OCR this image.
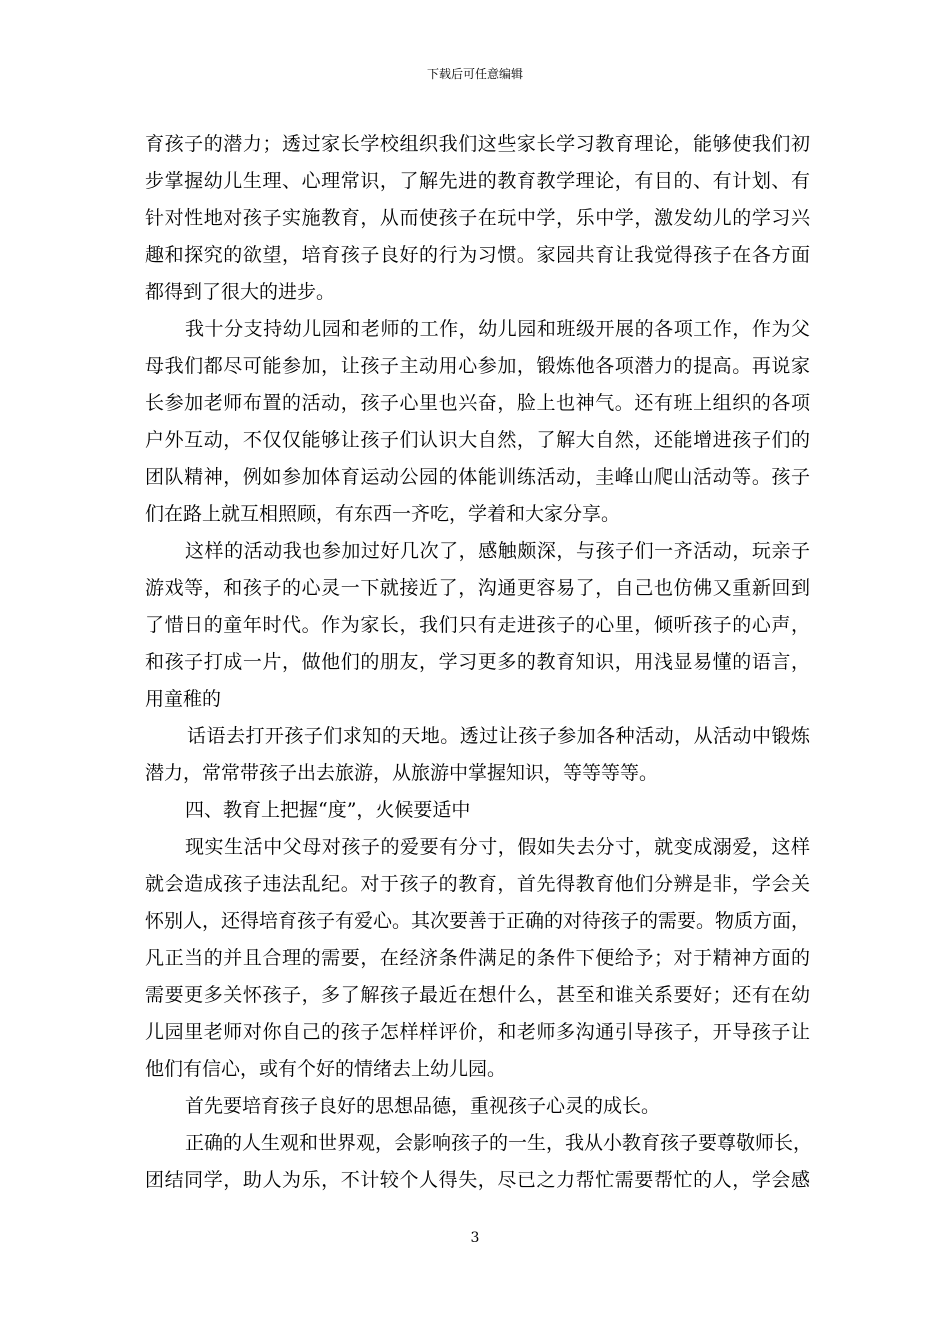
下载后可任意编辑
育孩子的潜力；透过家长学校组织我们这些家长学习教育理论，能够使我们初
步掌握幼儿生理、心理常识，了解先进的教育教学理论，有目的、有计划、有
针对性地对孩子实施教育，从而使孩子在玩中学，乐中学，激发幼儿的学习兴
趣和探究的欲望，培育孩子良好的行为习惯。家园共育让我觉得孩子在各方面
都得到了很大的进步。
我十分支持幼儿园和老师的工作，幼儿园和班级开展的各项工作，作为父
母我们都尽可能参加，让孩子主动用心参加，锻炼他各项潜力的提高。再说家
长参加老师布置的活动，孩子心里也兴奋，脸上也神气。还有班上组织的各项
户外互动，不仅仅能够让孩子们认识大自然，了解大自然，还能增进孩子们的
团队精神，例如参加体育运动公园的体能训练活动，圭峰山爬山活动等。孩子
们在路上就互相照顾，有东西一齐吃，学着和大家分享。
这样的活动我也参加过好几次了，感触颇深，与孩子们一齐活动，玩亲子
游戏等，和孩子的心灵一下就接近了，沟通更容易了，自己也仿佛又重新回到
了惜日的童年时代。作为家长，我们只有走进孩子的心里，倾听孩子的心声，
和孩子打成一片，做他们的朋友，学习更多的教育知识，用浅显易懂的语言，
用童稚的
话语去打开孩子们求知的天地。透过让孩子参加各种活动，从活动中锻炼
潜力，常常带孩子出去旅游，从旅游中掌握知识，等等等等。
四、教育上把握“度”，火候要适中
现实生活中父母对孩子的爱要有分寸，假如失去分寸，就变成溺爱，这样
就会造成孩子违法乱纪。对于孩子的教育，首先得教育他们分辨是非，学会关
怀别人，还得培育孩子有爱心。其次要善于正确的对待孩子的需要。物质方面，
凡正当的并且合理的需要，在经济条件满足的条件下便给予；对于精神方面的
需要更多关怀孩子，多了解孩子最近在想什么，甚至和谁关系要好；还有在幼
儿园里老师对你自己的孩子怎样样评价，和老师多沟通引导孩子，开导孩子让
他们有信心，或有个好的情绪去上幼儿园。
首先要培育孩子良好的思想品德，重视孩子心灵的成长。
正确的人生观和世界观，会影响孩子的一生，我从小教育孩子要尊敬师长，
团结同学，助人为乐，不计较个人得失，尽已之力帮忙需要帮忙的人，学会感
3
